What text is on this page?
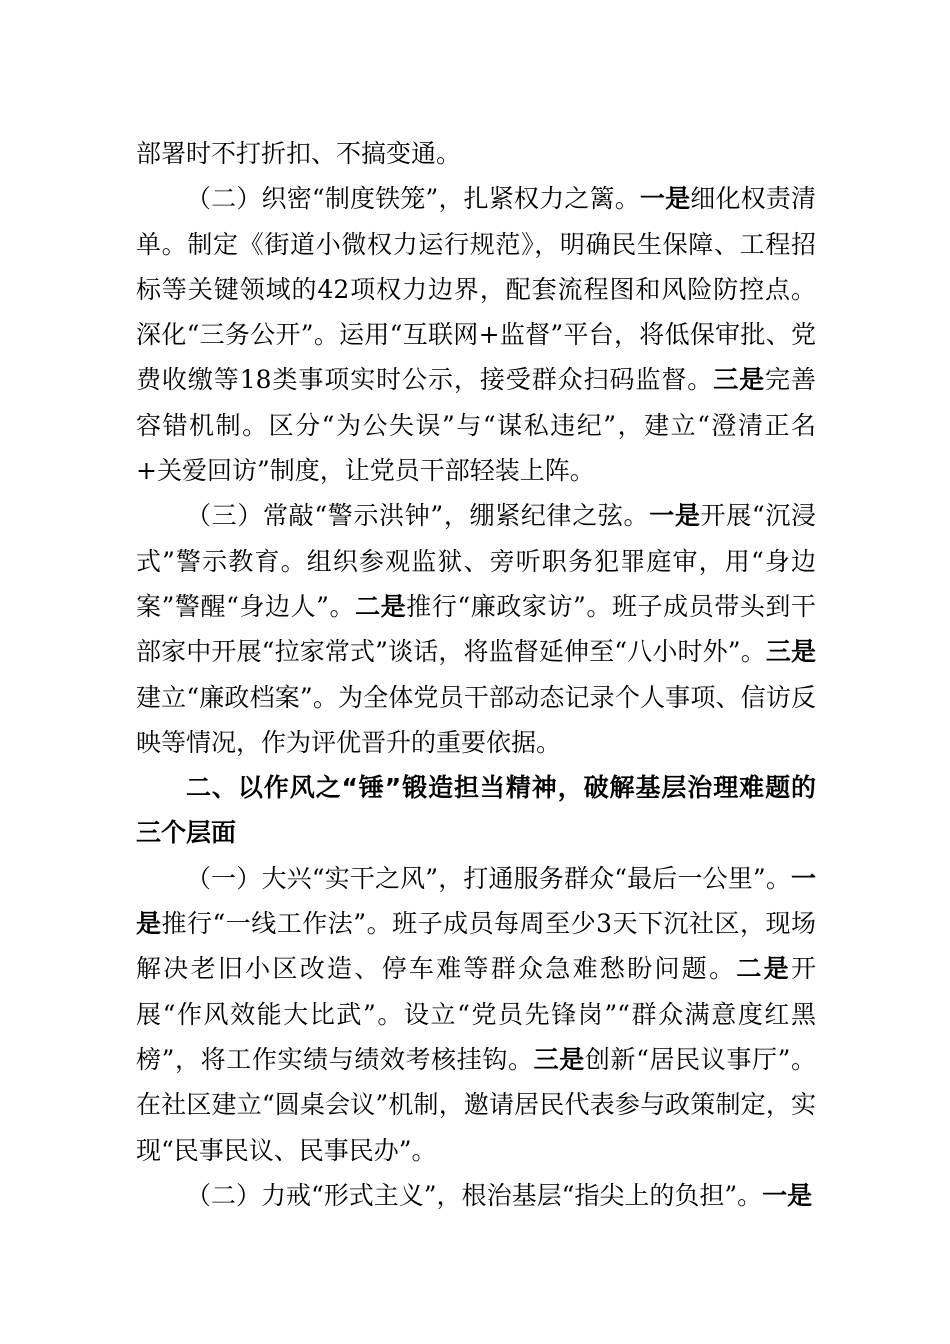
部署时不打折扣、不搞变通。

（二）织密“制度铁笼”，扎紧权力之篱。一是细化权责清单。制定《街道小微权力运行规范》，明确民生保障、工程招标等关键领域的42项权力边界，配套流程图和风险防控点。深化“三务公开”。运用“互联网+监督”平台，将低保审批、党费收缴等18类事项实时公示，接受群众扫码监督。三是完善容错机制。区分“为公失误”与“谋私违纪”，建立“澄清正名+关爱回访”制度，让党员干部轻装上阵。

（三）常敲“警示洪钟”，绷紧纪律之弦。一是开展“沉浸式”警示教育。组织参观监狱、旁听职务犯罪庭审，用“身边案”警醒“身边人”。二是推行“廉政家访”。班子成员带头到干部家中开展“拉家常式”谈话，将监督延伸至“八小时外”。三是建立“廉政档案”。为全体党员干部动态记录个人事项、信访反映等情况，作为评优晋升的重要依据。

二、以作风之“锤”锻造担当精神，破解基层治理难题的三个层面

（一）大兴“实干之风”，打通服务群众“最后一公里”。一是推行“一线工作法”。班子成员每周至少3天下沉社区，现场解决老旧小区改造、停车难等群众急难愁盼问题。二是开展“作风效能大比武”。设立“党员先锋岗”“群众满意度红黑榜”，将工作实绩与绩效考核挂钩。三是创新“居民议事厅”。在社区建立“圆桌会议”机制，邀请居民代表参与政策制定，实现“民事民议、民事民办”。

（二）力戒“形式主义”，根治基层“指尖上的负担”。一是
